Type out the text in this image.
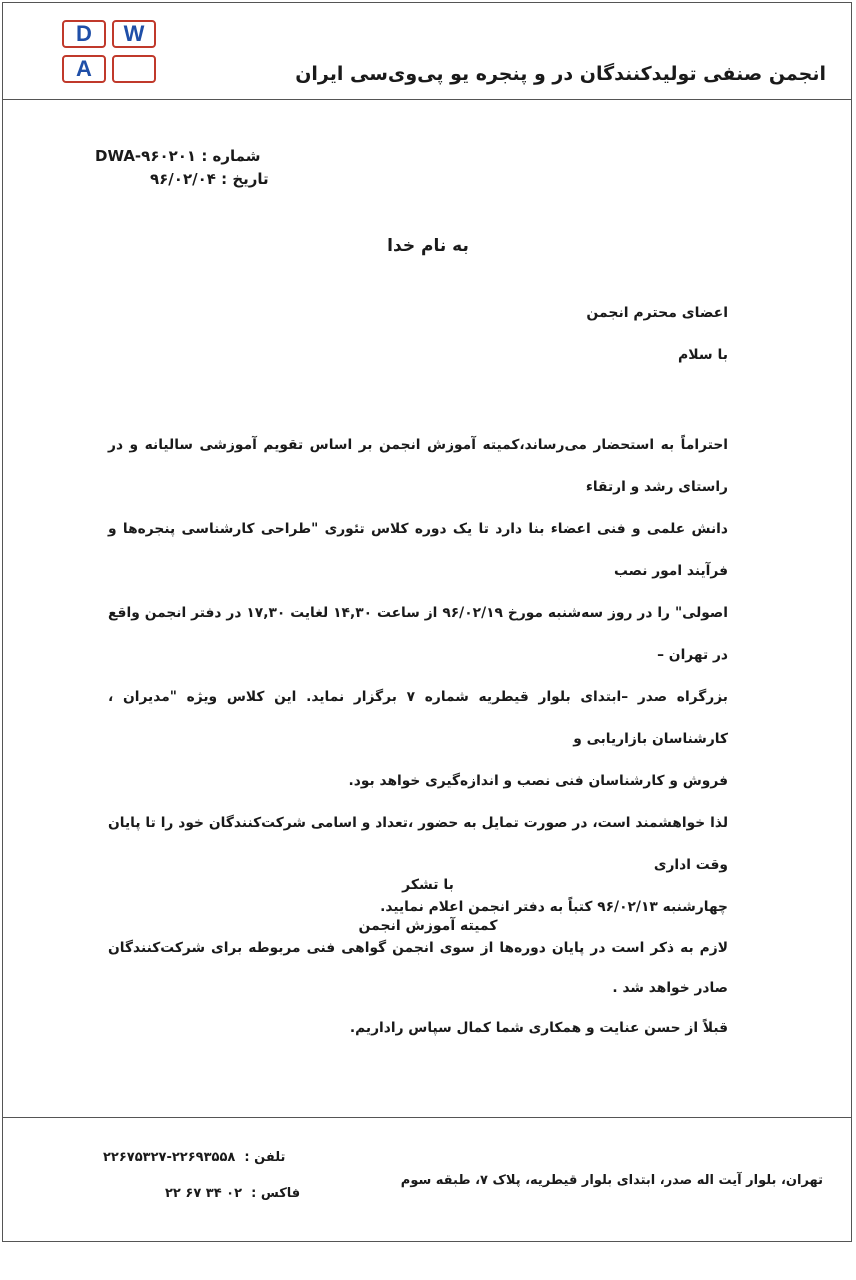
D	W
A	انجمن صنفی تولیدکنندگان در و پنجره یو پی‌وی‌سی ایران
DWA-۹۶۰۲۰۱ شماره :
۹۶/۰۲/۰۴ تاریخ :
به نام خدا
اعضای محترم انجمن
با سلام

احتراماً به استحضار می‌رساند،کمیته آموزش انجمن بر اساس تقویم آموزشی سالیانه و در راستای رشد و ارتقاء

دانش علمی و فنی اعضاء بنا دارد تا یک دوره کلاس تئوری "طراحی کارشناسی پنجره‌ها و فرآیند امور نصب

اصولی" را در روز سه‌شنبه مورخ ۹۶/۰۲/۱۹ از ساعت ۱۴,۳۰ لغایت ۱۷,۳۰ در دفتر انجمن واقع در تهران –

بزرگراه صدر –ابتدای بلوار قیطریه شماره ۷ برگزار نماید. این کلاس ویژه "مدیران ، کارشناسان بازاریابی و

فروش و کارشناسان فنی نصب و اندازه‌گیری خواهد بود.

لذا خواهشمند است، در صورت تمایل به حضور ،تعداد و اسامی شرکت‌کنندگان خود را تا پایان وقت اداری

چهارشنبه ۹۶/۰۲/۱۳ کتباً به دفتر انجمن اعلام نمایید.

لازم به ذکر است در پایان دوره‌ها از سوی انجمن گواهی فنی مربوطه برای شرکت‌کنندگان صادر خواهد شد .

قبلاً از حسن عنایت و همکاری شما کمال سپاس راداریم.

با تشکر
کمیته آموزش انجمن
۲۲۶۷۵۳۲۷-۲۲۶۹۳۵۵۸ تلفن :
۲۲ ۶۷ ۳۴ ۰۲ فاکس :
تهران، بلوار آیت اله صدر، ابتدای بلوار قیطریه، پلاک ۷، طبقه سوم
